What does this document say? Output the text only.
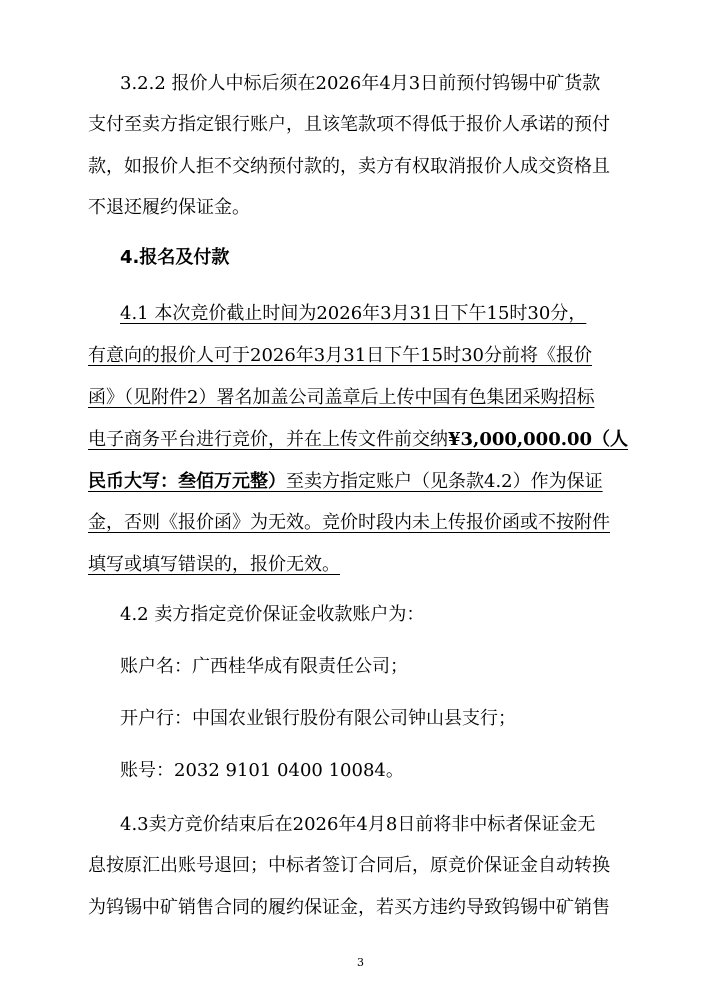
3.2.2 报价人中标后须在2026年4月3日前预付钨锡中矿货款
支付至卖方指定银行账户，且该笔款项不得低于报价人承诺的预付
款，如报价人拒不交纳预付款的，卖方有权取消报价人成交资格且
不退还履约保证金。
4.报名及付款
4.1 本次竞价截止时间为2026年3月31日下午15时30分，
有意向的报价人可于2026年3月31日下午15时30分前将《报价
函》（见附件2）署名加盖公司盖章后上传中国有色集团采购招标
电子商务平台进行竞价，并在上传文件前交纳¥3,000,000.00（人
民币大写：叁佰万元整）至卖方指定账户（见条款4.2）作为保证
金，否则《报价函》为无效。竞价时段内未上传报价函或不按附件
填写或填写错误的，报价无效。
4.2 卖方指定竞价保证金收款账户为：
账户名：广西桂华成有限责任公司；
开户行：中国农业银行股份有限公司钟山县支行；
账号：2032 9101 0400 10084。
4.3卖方竞价结束后在2026年4月8日前将非中标者保证金无
息按原汇出账号退回；中标者签订合同后，原竞价保证金自动转换
为钨锡中矿销售合同的履约保证金，若买方违约导致钨锡中矿销售
3
